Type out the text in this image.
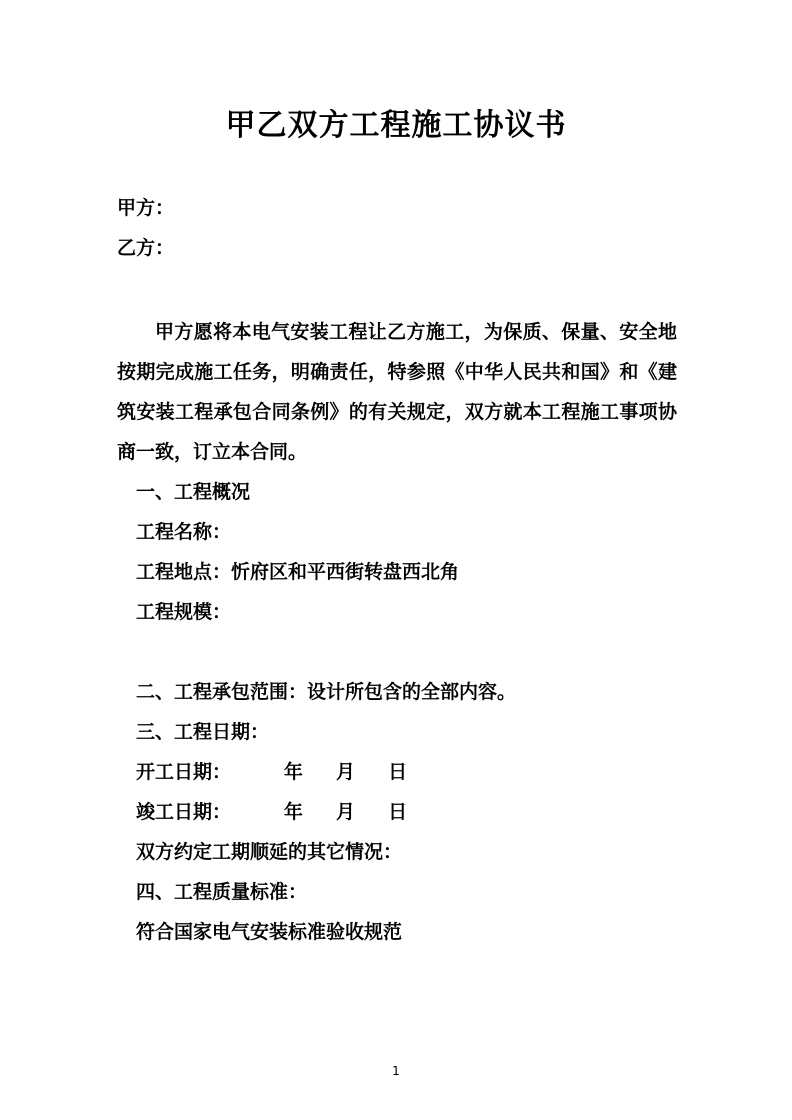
甲乙双方工程施工协议书
甲方：
乙方：

甲方愿将本电气安装工程让乙方施工，为保质、保量、安全地按期完成施工任务，明确责任，特参照《中华人民共和国》和《建筑安装工程承包合同条例》的有关规定，双方就本工程施工事项协商一致，订立本合同。

一、工程概况
工程名称：
工程地点：忻府区和平西街转盘西北角
工程规模：
二、工程承包范围：设计所包含的全部内容。
三、工程日期：
开工日期：        年     月     日
竣工日期：        年     月     日
双方约定工期顺延的其它情况：
四、工程质量标准：
符合国家电气安装标准验收规范
1
